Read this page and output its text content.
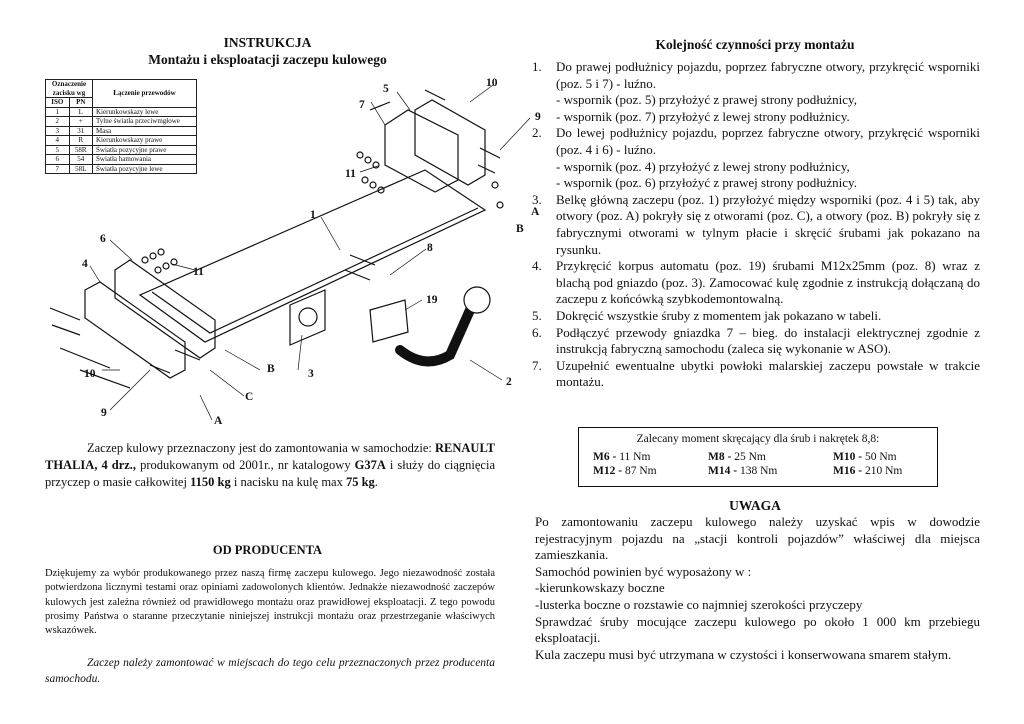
INSTRUKCJA
Montażu i eksploatacji zaczepu kulowego
Oznaczenie zacisku wg		Łączenie przewodów
ISO	PN	
1	L	Kierunkowskazy lewe
2	+	Tylne światła przeciwmgłowe
3	31	Masa
4	R	Kierunkowskazy prawe
5	58R	Światła pozycyjne prawe
6	54	Światła hamowania
7	58L	Światła pozycyjne lewe
1
2
3
4
5
6
7
8
9
9
10
10
11
11
19
A
A
B
B
C
Zaczep kulowy przeznaczony jest do zamontowania w samochodzie: RENAULT THALIA, 4 drz., produkowanym od 2001r., nr katalogowy G37A i służy do ciągnięcia przyczep o masie całkowitej 1150 kg i nacisku na kulę max 75 kg.
OD PRODUCENTA
Dziękujemy za wybór produkowanego przez naszą firmę zaczepu kulowego. Jego niezawodność została potwierdzona licznymi testami oraz opiniami zadowolonych klientów. Jednakże niezawodność zaczepów kulowych jest zależna również od prawidłowego montażu oraz prawidłowej eksploatacji. Z tego powodu prosimy Państwa o staranne przeczytanie niniejszej instrukcji montażu oraz przestrzeganie właściwych wskazówek.
Zaczep należy zamontować w miejscach do tego celu przeznaczonych przez producenta samochodu.
Kolejność czynności przy montażu
1. Do prawej podłużnicy pojazdu, poprzez fabryczne otwory, przykręcić wsporniki (poz. 5 i 7) - luźno.
- wspornik (poz. 5) przyłożyć z prawej strony podłużnicy,
- wspornik (poz. 7) przyłożyć z lewej strony podłużnicy.
2. Do lewej podłużnicy pojazdu, poprzez fabryczne otwory, przykręcić wsporniki (poz. 4 i 6) - luźno.
- wspornik (poz. 4) przyłożyć z lewej strony podłużnicy,
- wspornik (poz. 6) przyłożyć z prawej strony podłużnicy.
3. Belkę główną zaczepu (poz. 1) przyłożyć między wsporniki (poz. 4 i 5) tak, aby otwory (poz. A) pokryły się z otworami (poz. C), a otwory (poz. B) pokryły się z fabrycznymi otworami w tylnym płacie i skręcić śrubami jak pokazano na rysunku.
4. Przykręcić korpus automatu (poz. 19) śrubami M12x25mm (poz. 8) wraz z blachą pod gniazdo (poz. 3). Zamocować kulę zgodnie z instrukcją dołączaną do zaczepu z końcówką szybkodemontowalną.
5. Dokręcić wszystkie śruby z momentem jak pokazano w tabeli.
6. Podłączyć przewody gniazdka 7 – bieg. do instalacji elektrycznej zgodnie z instrukcją fabryczną samochodu (zaleca się wykonanie w ASO).
7. Uzupełnić ewentualne ubytki powłoki malarskiej zaczepu powstałe w trakcie montażu.
Zalecany moment skręcający dla śrub i nakrętek 8,8:
M6 - 11 Nm	M8 - 25 Nm	M10 - 50 Nm
M12 - 87 Nm	M14 - 138 Nm	M16 - 210 Nm
UWAGA
Po zamontowaniu zaczepu kulowego należy uzyskać wpis w dowodzie rejestracyjnym pojazdu na „stacji kontroli pojazdów” właściwej dla miejsca zamieszkania.
Samochód powinien być wyposażony w :
-kierunkowskazy boczne
-lusterka boczne o rozstawie co najmniej szerokości przyczepy
Sprawdzać śruby mocujące zaczepu kulowego po około 1 000 km przebiegu eksploatacji.
Kula zaczepu musi być utrzymana w czystości i konserwowana smarem stałym.
